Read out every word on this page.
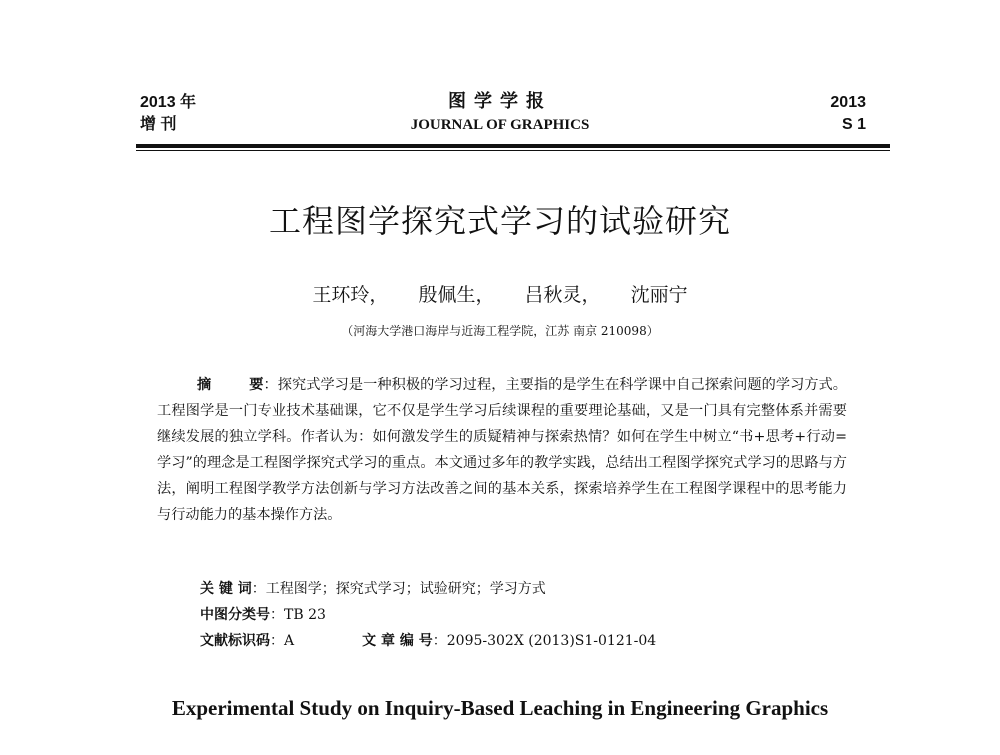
2013 年
增 刊
图学学报
JOURNAL OF GRAPHICS
2013
S 1
工程图学探究式学习的试验研究
王环玲， 殷佩生， 吕秋灵， 沈丽宁
（河海大学港口海岸与近海工程学院，江苏 南京 210098）
摘	要：探究式学习是一种积极的学习过程，主要指的是学生在科学课中自己探索问题的学习方式。工程图学是一门专业技术基础课，它不仅是学生学习后续课程的重要理论基础，又是一门具有完整体系并需要继续发展的独立学科。作者认为：如何激发学生的质疑精神与探索热情？如何在学生中树立“书+思考+行动=学习”的理念是工程图学探究式学习的重点。本文通过多年的教学实践，总结出工程图学探究式学习的思路与方法，阐明工程图学教学方法创新与学习方法改善之间的基本关系，探索培养学生在工程图学课程中的思考能力与行动能力的基本操作方法。
关 键 词：工程图学；探究式学习；试验研究；学习方式
中图分类号：TB 23
文献标识码：A	文 章 编 号：2095-302X (2013)S1-0121-04
Experimental Study on Inquiry-Based Leaching in Engineering Graphics
